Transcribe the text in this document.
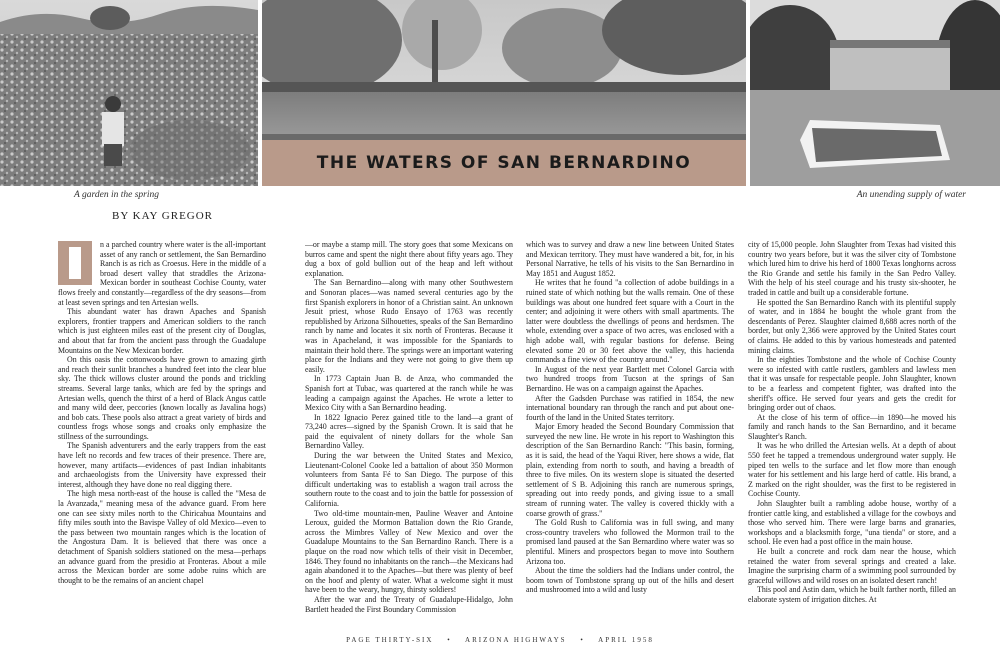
THE WATERS OF SAN BERNARDINO
A garden in the spring	An unending supply of water
BY KAY GREGOR

n a parched country where water is the all-important asset of any ranch or settlement, the San Bernardino Ranch is as rich as Croesus. Here in the middle of a broad desert valley that straddles the Arizona-Mexican border in southeast Cochise County, water flows freely and constantly—regardless of the dry seasons—from at least seven springs and ten Artesian wells.

This abundant water has drawn Apaches and Spanish explorers, frontier trappers and American soldiers to the ranch which is just eighteen miles east of the present city of Douglas, and about that far from the ancient pass through the Guadalupe Mountains on the New Mexican border.

On this oasis the cottonwoods have grown to amazing girth and reach their sunlit branches a hundred feet into the clear blue sky. The thick willows cluster around the ponds and trickling streams. Several large tanks, which are fed by the springs and Artesian wells, quench the thirst of a herd of Black Angus cattle and many wild deer, peccories (known locally as Javalina hogs) and bob cats. These pools also attract a great variety of birds and countless frogs whose songs and croaks only emphasize the stillness of the surroundings.

The Spanish adventurers and the early trappers from the east have left no records and few traces of their presence. There are, however, many artifacts—evidences of past Indian inhabitants and archaeologists from the University have expressed their interest, although they have done no real digging there.

The high mesa north-east of the house is called the "Mesa de la Avanzada," meaning mesa of the advance guard. From here one can see sixty miles north to the Chiricahua Mountains and fifty miles south into the Bavispe Valley of old Mexico—even to the pass between two mountain ranges which is the location of the Angostura Dam. It is believed that there was once a detachment of Spanish soldiers stationed on the mesa—perhaps an advance guard from the presidio at Fronteras. About a mile across the Mexican border are some adobe ruins which are thought to be the remains of an ancient chapel

—or maybe a stamp mill. The story goes that some Mexicans on burros came and spent the night there about fifty years ago. They dug a box of gold bullion out of the heap and left without explanation.

The San Bernardino—along with many other Southwestern and Sonoran places—was named several centuries ago by the first Spanish explorers in honor of a Christian saint. An unknown Jesuit priest, whose Rudo Ensayo of 1763 was recently republished by Arizona Silhouettes, speaks of the San Bernardino ranch by name and locates it six north of Fronteras. Because it was in Apacheland, it was impossible for the Spaniards to maintain their hold there. The springs were an important watering place for the Indians and they were not going to give them up easily.

In 1773 Captain Juan B. de Anza, who commanded the Spanish fort at Tubac, was quartered at the ranch while he was leading a campaign against the Apaches. He wrote a letter to Mexico City with a San Bernardino heading.

In 1822 Ignacio Perez gained title to the land—a grant of 73,240 acres—signed by the Spanish Crown. It is said that he paid the equivalent of ninety dollars for the whole San Bernardino Valley.

During the war between the United States and Mexico, Lieutenant-Colonel Cooke led a battalion of about 350 Mormon volunteers from Santa Fé to San Diego. The purpose of this difficult undertaking was to establish a wagon trail across the southern route to the coast and to join the battle for possession of California.

Two old-time mountain-men, Pauline Weaver and Antoine Leroux, guided the Mormon Battalion down the Rio Grande, across the Mimbres Valley of New Mexico and over the Guadalupe Mountains to the San Bernardino Ranch. There is a plaque on the road now which tells of their visit in December, 1846. They found no inhabitants on the ranch—the Mexicans had again abandoned it to the Apaches—but there was plenty of beef on the hoof and plenty of water. What a welcome sight it must have been to the weary, hungry, thirsty soldiers!

After the war and the Treaty of Guadalupe-Hidalgo, John Bartlett headed the First Boundary Commission

which was to survey and draw a new line between United States and Mexican territory. They must have wandered a bit, for, in his Personal Narrative, he tells of his visits to the San Bernardino in May 1851 and August 1852.

He writes that he found "a collection of adobe buildings in a ruined state of which nothing but the walls remain. One of these buildings was about one hundred feet square with a Court in the center; and adjoining it were others with small apartments. The latter were doubtless the dwellings of peons and herdsmen. The whole, extending over a space of two acres, was enclosed with a high adobe wall, with regular bastions for defense. Being elevated some 20 or 30 feet above the valley, this hacienda commands a fine view of the country around."

In August of the next year Bartlett met Colonel Garcia with two hundred troops from Tucson at the springs of San Bernardino. He was on a campaign against the Apaches.

After the Gadsden Purchase was ratified in 1854, the new international boundary ran through the ranch and put about one-fourth of the land in the United States territory.

Major Emory headed the Second Boundary Commission that surveyed the new line. He wrote in his report to Washington this description of the San Bernardino Ranch: "This basin, forming, as it is said, the head of the Yaqui River, here shows a wide, flat plain, extending from north to south, and having a breadth of three to five miles. On its western slope is situated the deserted settlement of S B. Adjoining this ranch are numerous springs, spreading out into reedy ponds, and giving issue to a small stream of running water. The valley is covered thickly with a coarse growth of grass."

The Gold Rush to California was in full swing, and many cross-country travelers who followed the Mormon trail to the promised land paused at the San Bernardino where water was so plentiful. Miners and prospectors began to move into Southern Arizona too.

About the time the soldiers had the Indians under control, the boom town of Tombstone sprang up out of the hills and desert and mushroomed into a wild and lusty

city of 15,000 people. John Slaughter from Texas had visited this country two years before, but it was the silver city of Tombstone which lured him to drive his herd of 1800 Texas longhorns across the Rio Grande and settle his family in the San Pedro Valley. With the help of his steel courage and his trusty six-shooter, he traded in cattle and built up a considerable fortune.

He spotted the San Bernardino Ranch with its plentiful supply of water, and in 1884 he bought the whole grant from the descendants of Perez. Slaughter claimed 8,688 acres north of the border, but only 2,366 were approved by the United States court of claims. He added to this by various homesteads and patented mining claims.

In the eighties Tombstone and the whole of Cochise County were so infested with cattle rustlers, gamblers and lawless men that it was unsafe for respectable people. John Slaughter, known to be a fearless and competent fighter, was drafted into the sheriff's office. He served four years and gets the credit for bringing order out of chaos.

At the close of his term of office—in 1890—he moved his family and ranch hands to the San Bernardino, and it became Slaughter's Ranch.

It was he who drilled the Artesian wells. At a depth of about 550 feet he tapped a tremendous underground water supply. He piped ten wells to the surface and let flow more than enough water for his settlement and his large herd of cattle. His brand, a Z marked on the right shoulder, was the first to be registered in Cochise County.

John Slaughter built a rambling adobe house, worthy of a frontier cattle king, and established a village for the cowboys and those who served him. There were large barns and granaries, workshops and a blacksmith forge, "una tienda" or store, and a school. He even had a post office in the main house.

He built a concrete and rock dam near the house, which retained the water from several springs and created a lake. Imagine the surprising charm of a swimming pool surrounded by graceful willows and wild roses on an isolated desert ranch!

This pool and Astin dam, which he built farther north, filled an elaborate system of irrigation ditches. At

PAGE THIRTY-SIX • ARIZONA HIGHWAYS • APRIL 1958
